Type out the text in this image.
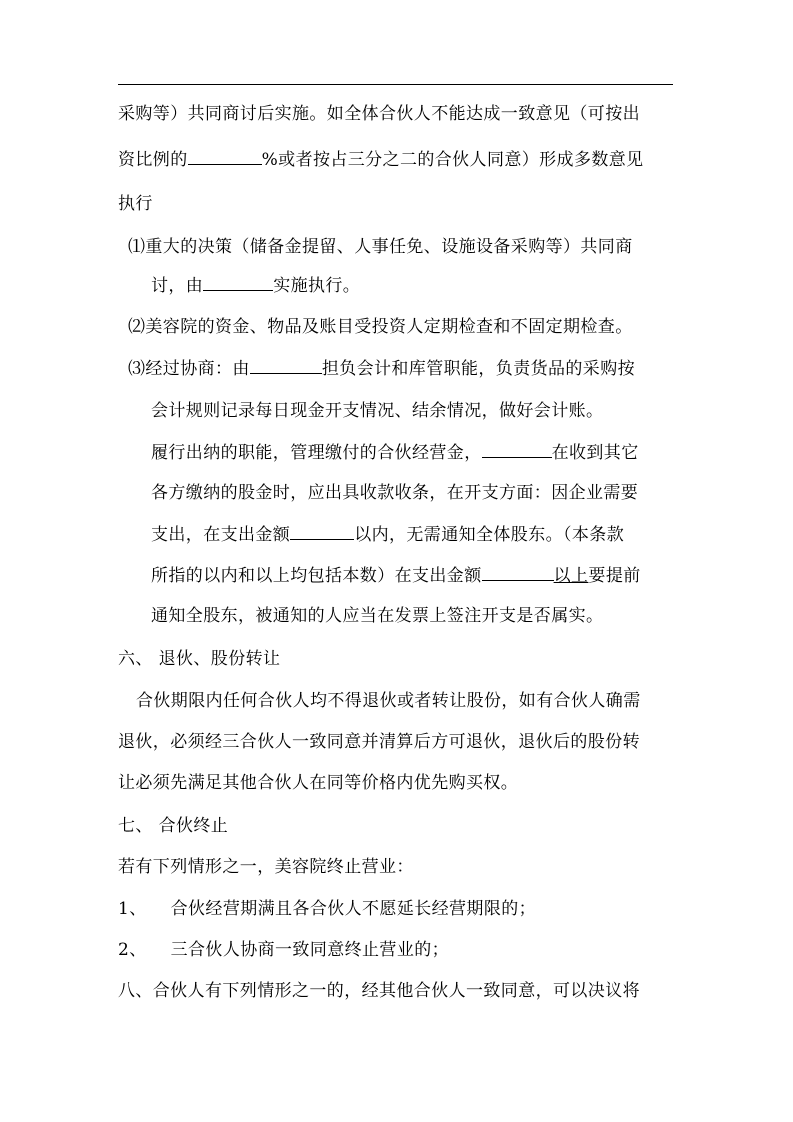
采购等）共同商讨后实施。如全体合伙人不能达成一致意见（可按出
资比例的	%或者按占三分之二的合伙人同意）形成多数意见
执行
⑴重大的决策（储备金提留、人事任免、设施设备采购等）共同商
讨，由	实施执行。
⑵美容院的资金、物品及账目受投资人定期检查和不固定期检查。
⑶经过协商：由	担负会计和库管职能，负责货品的采购按
会计规则记录每日现金开支情况、结余情况，做好会计账。
履行出纳的职能，管理缴付的合伙经营金，	在收到其它
各方缴纳的股金时，应出具收款收条，在开支方面：因企业需要
支出，在支出金额	以内，无需通知全体股东。（本条款
所指的以内和以上均包括本数）在支出金额	以上要提前
通知全股东，被通知的人应当在发票上签注开支是否属实。
六、 退伙、股份转让
合伙期限内任何合伙人均不得退伙或者转让股份，如有合伙人确需
退伙，必须经三合伙人一致同意并清算后方可退伙，退伙后的股份转
让必须先满足其他合伙人在同等价格内优先购买权。
七、 合伙终止
若有下列情形之一，美容院终止营业：
1、 合伙经营期满且各合伙人不愿延长经营期限的；
2、 三合伙人协商一致同意终止营业的；
八、合伙人有下列情形之一的，经其他合伙人一致同意，可以决议将
